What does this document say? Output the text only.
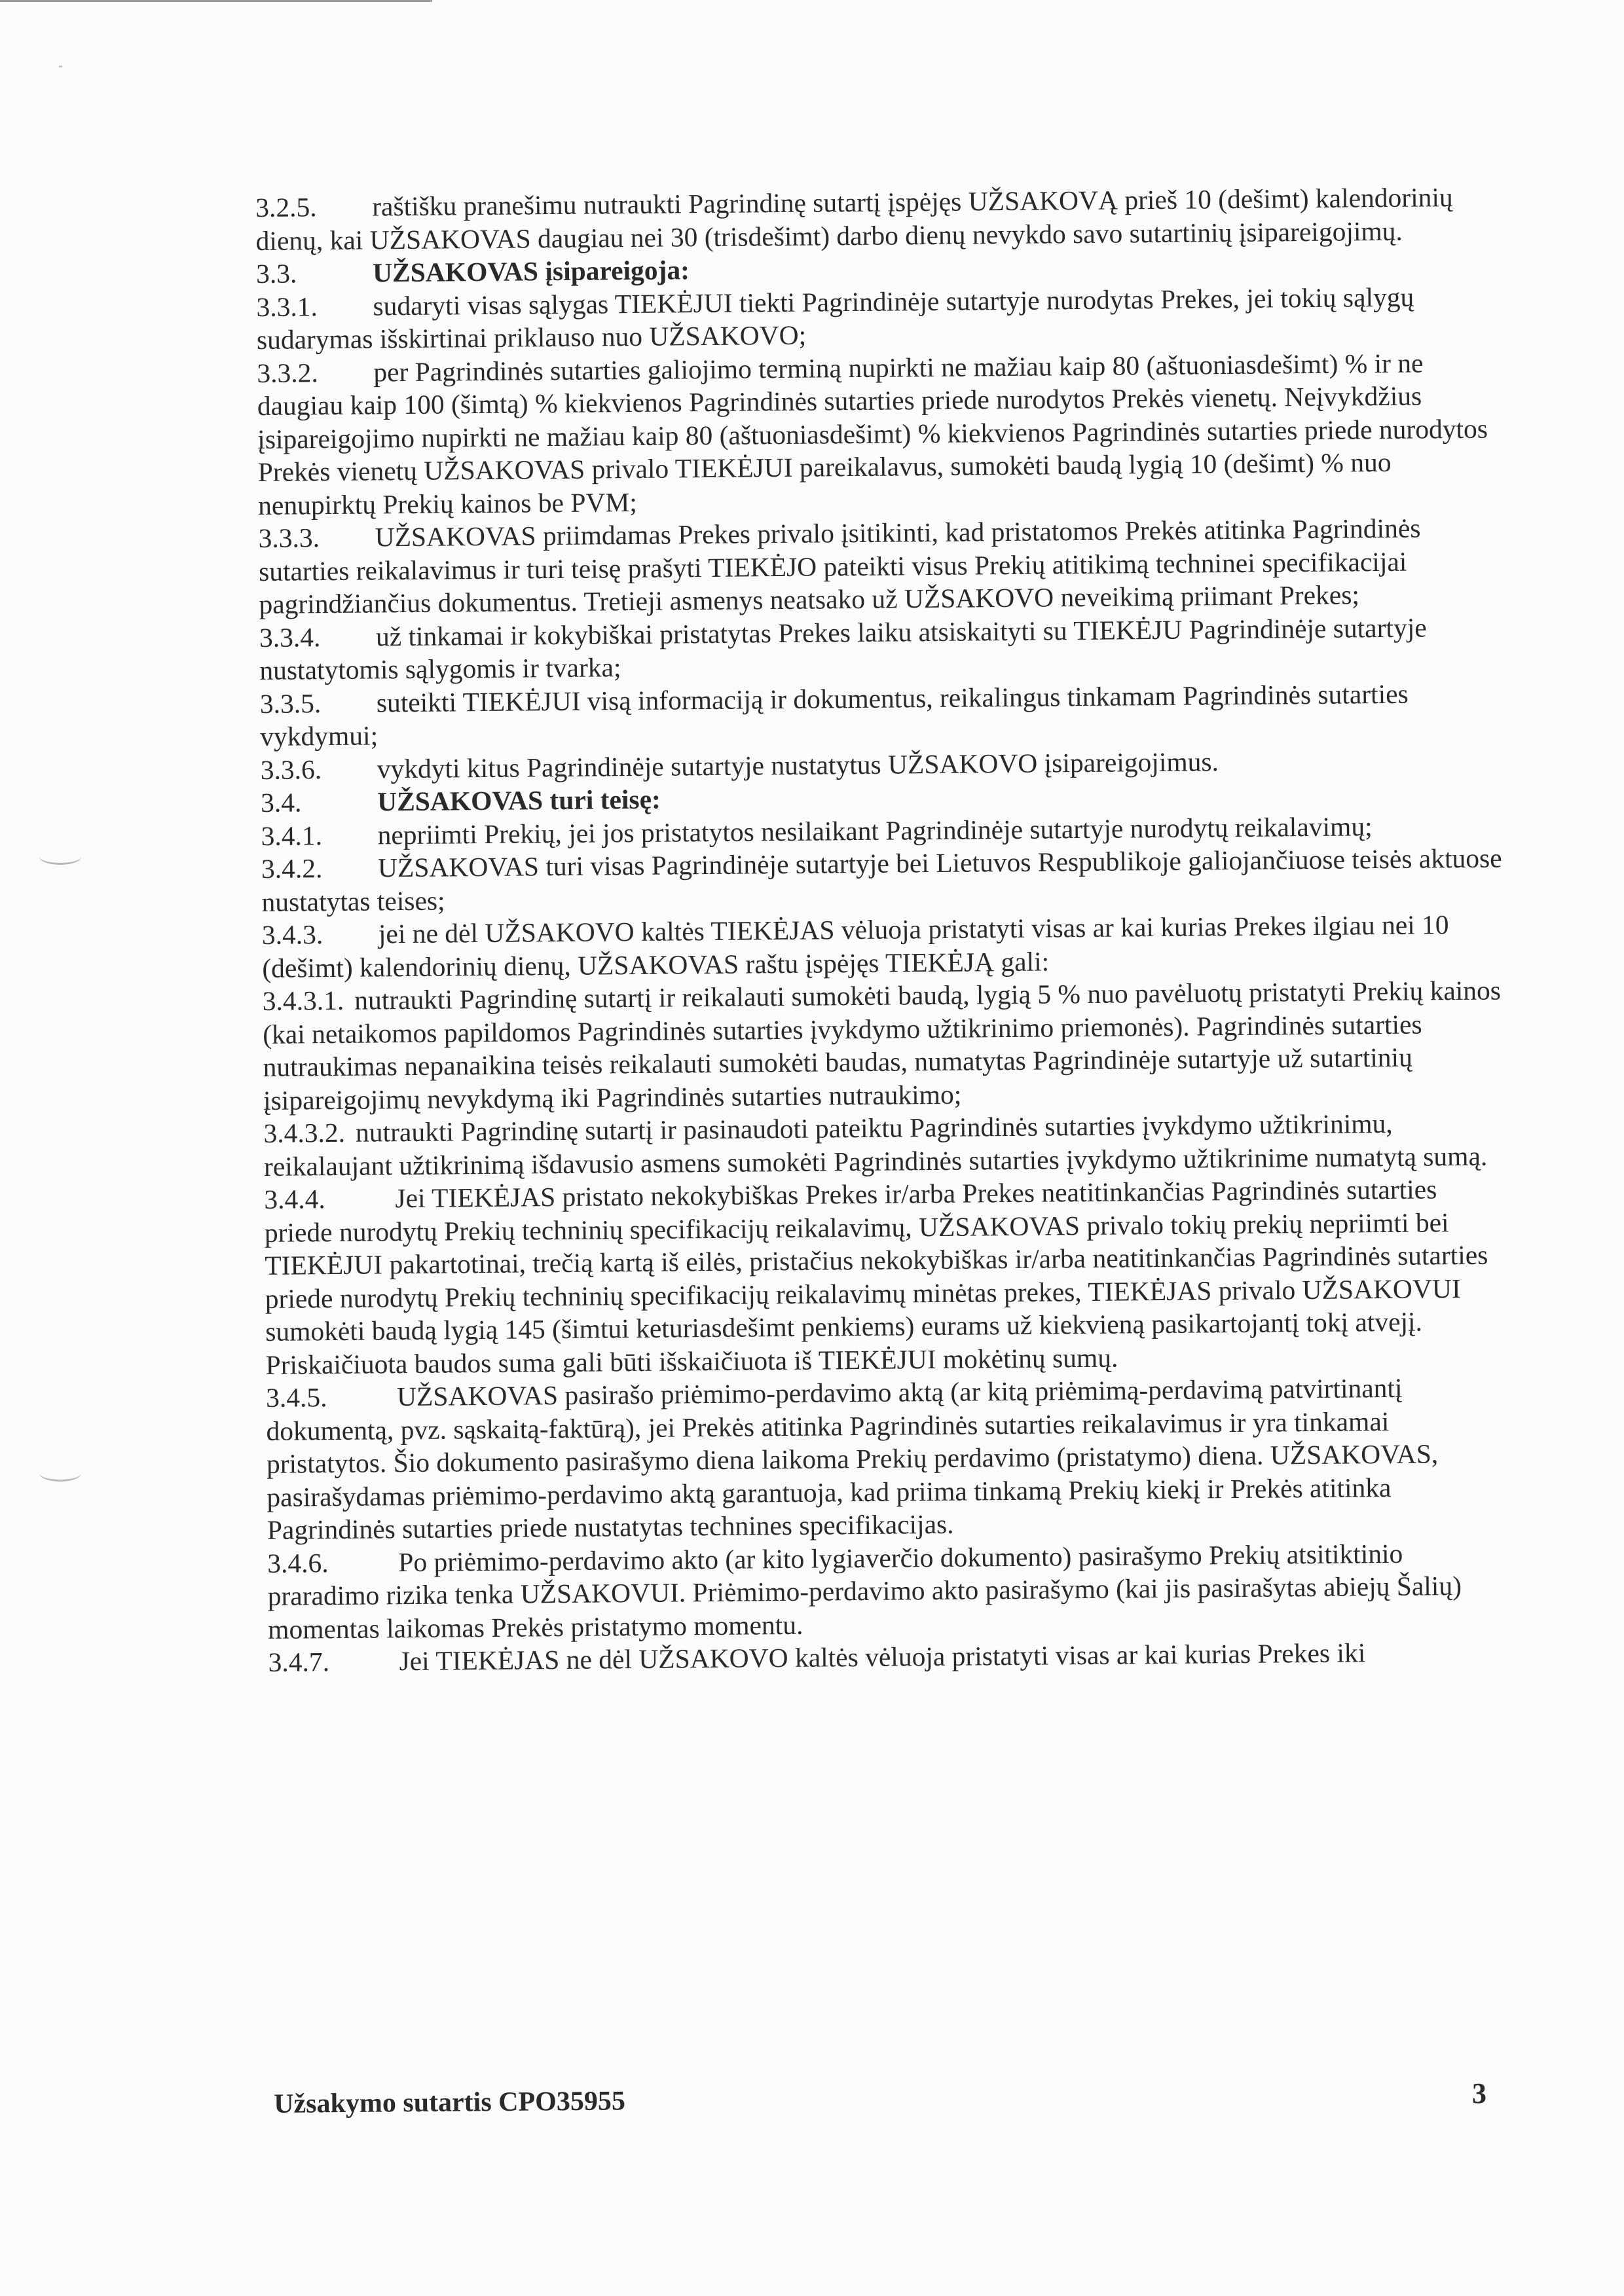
3.2.5. raštišku pranešimu nutraukti Pagrindinę sutartį įspėjęs UŽSAKOVĄ prieš 10 (dešimt) kalendorinių dienų, kai UŽSAKOVAS daugiau nei 30 (trisdešimt) darbo dienų nevykdo savo sutartinių įsipareigojimų.

3.3.	UŽSAKOVAS įsipareigoja:

3.3.1. sudaryti visas sąlygas TIEKĖJUI tiekti Pagrindinėje sutartyje nurodytas Prekes, jei tokių sąlygų sudarymas išskirtinai priklauso nuo UŽSAKOVO;

3.3.2. per Pagrindinės sutarties galiojimo terminą nupirkti ne mažiau kaip 80 (aštuoniasdešimt) % ir ne daugiau kaip 100 (šimtą) % kiekvienos Pagrindinės sutarties priede nurodytos Prekės vienetų. Neįvykdžius įsipareigojimo nupirkti ne mažiau kaip 80 (aštuoniasdešimt) % kiekvienos Pagrindinės sutarties priede nurodytos Prekės vienetų UŽSAKOVAS privalo TIEKĖJUI pareikalavus, sumokėti baudą lygią 10 (dešimt) % nuo nenupirktų Prekių kainos be PVM;

3.3.3. UŽSAKOVAS priimdamas Prekes privalo įsitikinti, kad pristatomos Prekės atitinka Pagrindinės sutarties reikalavimus ir turi teisę prašyti TIEKĖJO pateikti visus Prekių atitikimą techninei specifikacijai pagrindžiančius dokumentus. Tretieji asmenys neatsako už UŽSAKOVO neveikimą priimant Prekes;

3.3.4. už tinkamai ir kokybiškai pristatytas Prekes laiku atsiskaityti su TIEKĖJU Pagrindinėje sutartyje nustatytomis sąlygomis ir tvarka;

3.3.5. suteikti TIEKĖJUI visą informaciją ir dokumentus, reikalingus tinkamam Pagrindinės sutarties vykdymui;

3.3.6. vykdyti kitus Pagrindinėje sutartyje nustatytus UŽSAKOVO įsipareigojimus.

3.4.	UŽSAKOVAS turi teisę:

3.4.1. nepriimti Prekių, jei jos pristatytos nesilaikant Pagrindinėje sutartyje nurodytų reikalavimų;

3.4.2. UŽSAKOVAS turi visas Pagrindinėje sutartyje bei Lietuvos Respublikoje galiojančiuose teisės aktuose nustatytas teises;

3.4.3. jei ne dėl UŽSAKOVO kaltės TIEKĖJAS vėluoja pristatyti visas ar kai kurias Prekes ilgiau nei 10 (dešimt) kalendorinių dienų, UŽSAKOVAS raštu įspėjęs TIEKĖJĄ gali:

3.4.3.1. nutraukti Pagrindinę sutartį ir reikalauti sumokėti baudą, lygią 5 % nuo pavėluotų pristatyti Prekių kainos (kai netaikomos papildomos Pagrindinės sutarties įvykdymo užtikrinimo priemonės). Pagrindinės sutarties nutraukimas nepanaikina teisės reikalauti sumokėti baudas, numatytas Pagrindinėje sutartyje už sutartinių įsipareigojimų nevykdymą iki Pagrindinės sutarties nutraukimo;

3.4.3.2. nutraukti Pagrindinę sutartį ir pasinaudoti pateiktu Pagrindinės sutarties įvykdymo užtikrinimu, reikalaujant užtikrinimą išdavusio asmens sumokėti Pagrindinės sutarties įvykdymo užtikrinime numatytą sumą.

3.4.4.	Jei TIEKĖJAS pristato nekokybiškas Prekes ir/arba Prekes neatitinkančias Pagrindinės sutarties priede nurodytų Prekių techninių specifikacijų reikalavimų, UŽSAKOVAS privalo tokių prekių nepriimti bei TIEKĖJUI pakartotinai, trečią kartą iš eilės, pristačius nekokybiškas ir/arba neatitinkančias Pagrindinės sutarties priede nurodytų Prekių techninių specifikacijų reikalavimų minėtas prekes, TIEKĖJAS privalo UŽSAKOVUI sumokėti baudą lygią 145 (šimtui keturiasdešimt penkiems) eurams už kiekvieną pasikartojantį tokį atvejį. Priskaičiuota baudos suma gali būti išskaičiuota iš TIEKĖJUI mokėtinų sumų.

3.4.5.	UŽSAKOVAS pasirašo priėmimo-perdavimo aktą (ar kitą priėmimą-perdavimą patvirtinantį dokumentą, pvz. sąskaitą-faktūrą), jei Prekės atitinka Pagrindinės sutarties reikalavimus ir yra tinkamai pristatytos. Šio dokumento pasirašymo diena laikoma Prekių perdavimo (pristatymo) diena. UŽSAKOVAS, pasirašydamas priėmimo-perdavimo aktą garantuoja, kad priima tinkamą Prekių kiekį ir Prekės atitinka Pagrindinės sutarties priede nustatytas technines specifikacijas.

3.4.6.	Po priėmimo-perdavimo akto (ar kito lygiaverčio dokumento) pasirašymo Prekių atsitiktinio praradimo rizika tenka UŽSAKOVUI. Priėmimo-perdavimo akto pasirašymo (kai jis pasirašytas abiejų Šalių) momentas laikomas Prekės pristatymo momentu.

3.4.7.	Jei TIEKĖJAS ne dėl UŽSAKOVO kaltės vėluoja pristatyti visas ar kai kurias Prekes iki

Užsakymo sutartis CPO35955	3
